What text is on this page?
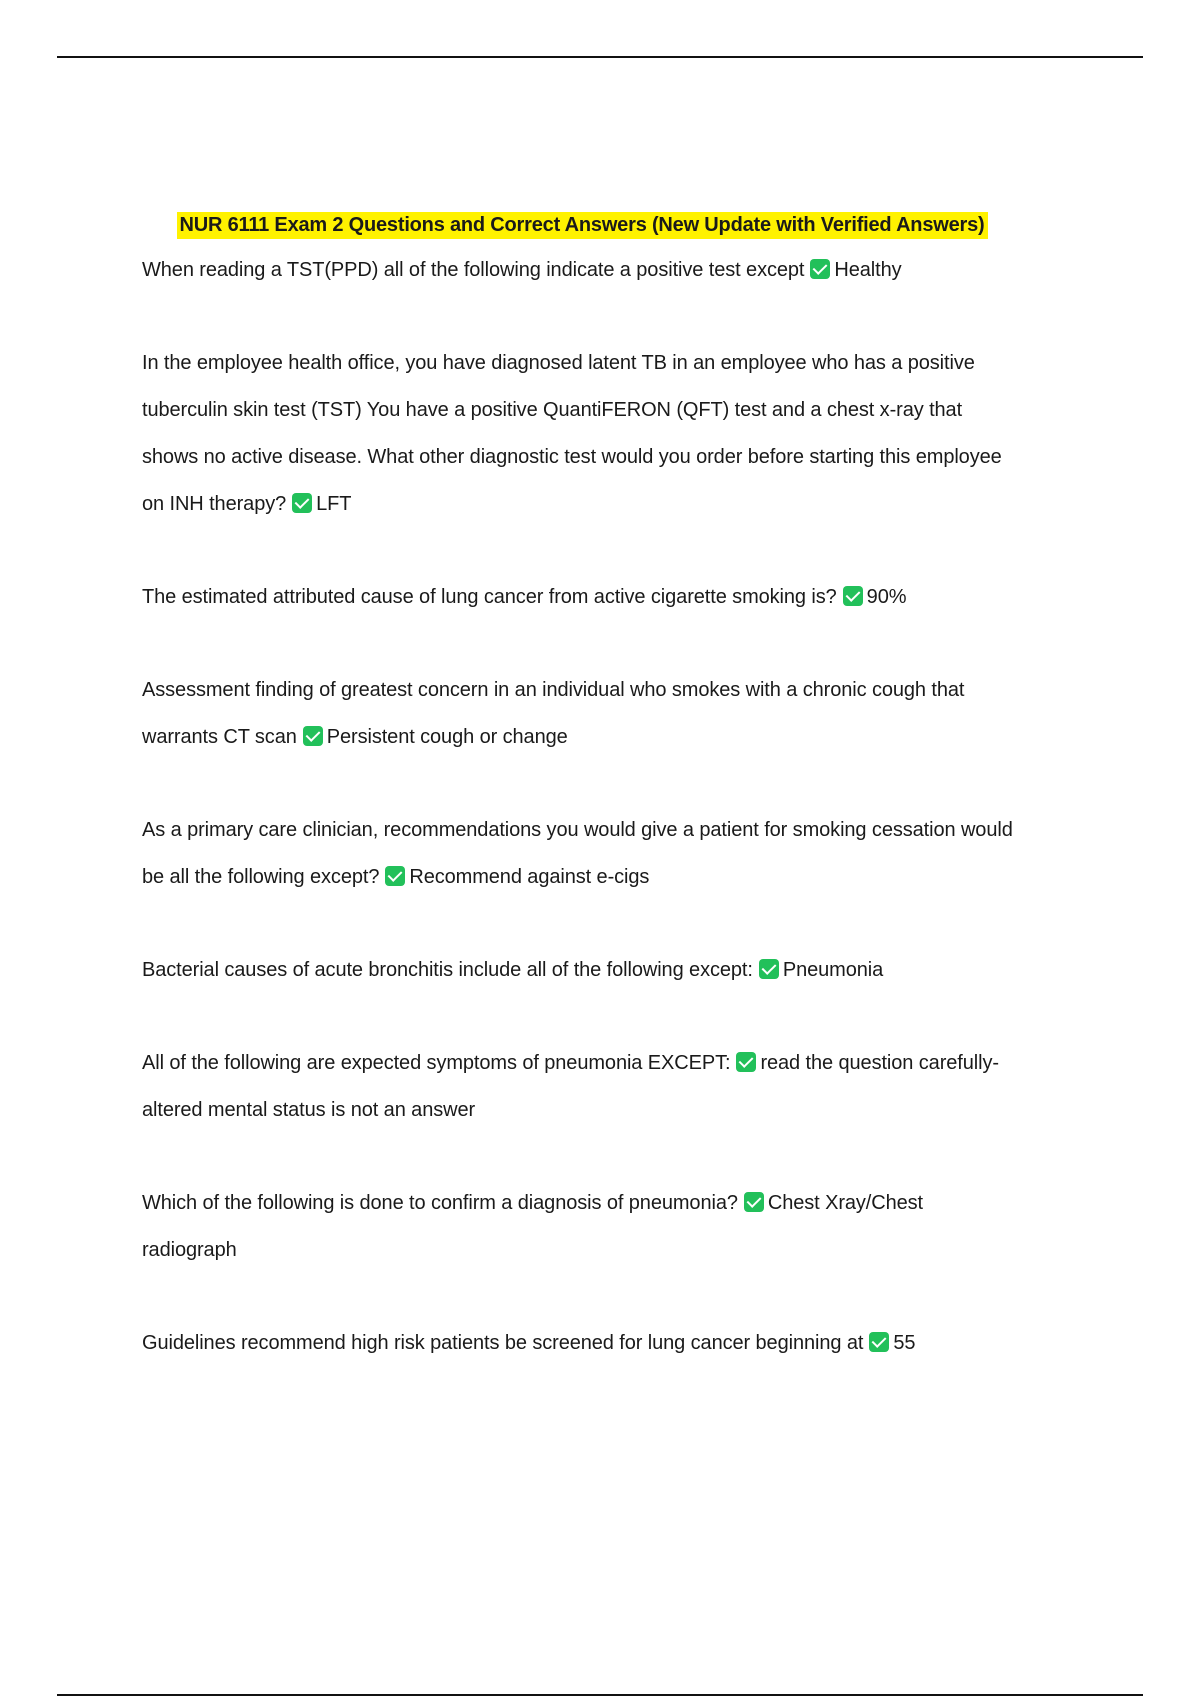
NUR 6111 Exam 2 Questions and Correct Answers (New Update with Verified Answers)
When reading a TST(PPD) all of the following indicate a positive test except Healthy
In the employee health office, you have diagnosed latent TB in an employee who has a positive tuberculin skin test (TST) You have a positive QuantiFERON (QFT) test and a chest x-ray that shows no active disease. What other diagnostic test would you order before starting this employee on INH therapy? LFT
The estimated attributed cause of lung cancer from active cigarette smoking is? 90%
Assessment finding of greatest concern in an individual who smokes with a chronic cough that warrants CT scan Persistent cough or change
As a primary care clinician, recommendations you would give a patient for smoking cessation would be all the following except? Recommend against e-cigs
Bacterial causes of acute bronchitis include all of the following except: Pneumonia
All of the following are expected symptoms of pneumonia EXCEPT: read the question carefully-altered mental status is not an answer
Which of the following is done to confirm a diagnosis of pneumonia? Chest Xray/Chest radiograph
Guidelines recommend high risk patients be screened for lung cancer beginning at 55
